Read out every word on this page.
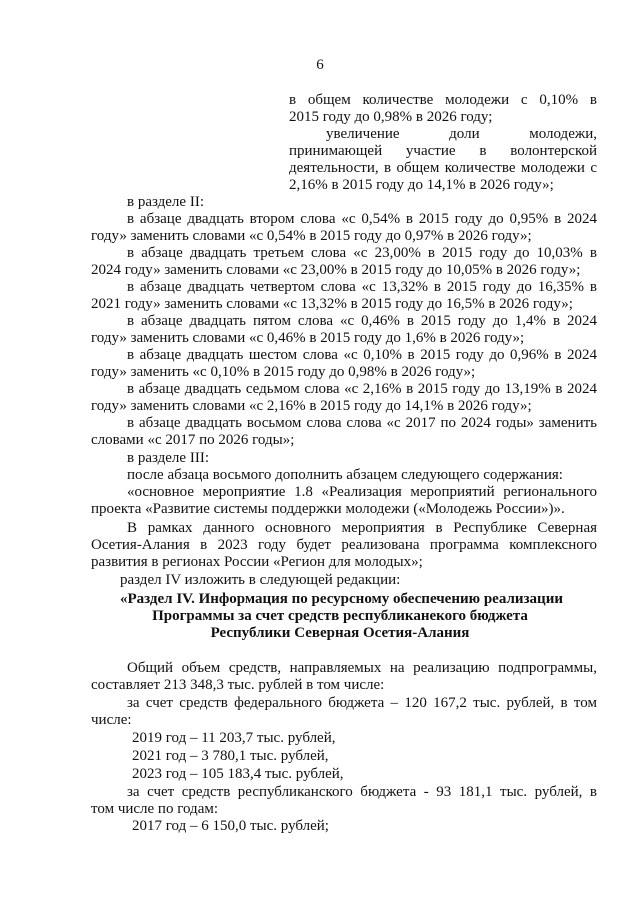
6

в общем количестве молодежи с 0,10% в

2015 году до 0,98% в 2026 году;

увеличение доли молодежи,

принимающей участие в волонтерской

деятельности, в общем количестве молодежи с

2,16% в 2015 году до 14,1% в 2026 году»;

в разделе II:

в абзаце двадцать втором слова «с 0,54% в 2015 году до 0,95% в 2024

году» заменить словами «с 0,54% в 2015 году до 0,97% в 2026 году»;

в абзаце двадцать третьем слова «с 23,00% в 2015 году до 10,03% в

2024 году» заменить словами «с 23,00% в 2015 году до 10,05% в 2026 году»;

в абзаце двадцать четвертом слова «с 13,32% в 2015 году до 16,35% в

2021 году» заменить словами «с 13,32% в 2015 году до 16,5% в 2026 году»;

в абзаце двадцать пятом слова «с 0,46% в 2015 году до 1,4% в 2024

году» заменить словами «с 0,46% в 2015 году до 1,6% в 2026 году»;

в абзаце двадцать шестом слова «с 0,10% в 2015 году до 0,96% в 2024

году» заменить «с 0,10% в 2015 году до 0,98% в 2026 году»;

в абзаце двадцать седьмом слова «с 2,16% в 2015 году до 13,19% в 2024

году» заменить словами «с 2,16% в 2015 году до 14,1% в 2026 году»;

в абзаце двадцать восьмом слова слова «с 2017 по 2024 годы» заменить

словами «с 2017 по 2026 годы»;

в разделе III:

после абзаца восьмого дополнить абзацем следующего содержания:

«основное мероприятие 1.8 «Реализация мероприятий регионального

проекта «Развитие системы поддержки молодежи («Молодежь России»)».

В рамках данного основного мероприятия в Республике Северная

Осетия-Алания в 2023 году будет реализована программа комплексного

развития в регионах России «Регион для молодых»;

раздел IV изложить в следующей редакции:

«Раздел IV. Информация по ресурсному обеспечению реализации

Программы за счет средств республиканекого бюджета

Республики Северная Осетия-Алания

Общий объем средств, направляемых на реализацию подпрограммы,

составляет 213 348,3 тыс. рублей в том числе:

за счет средств федерального бюджета – 120 167,2 тыс. рублей, в том

числе:

2019 год – 11 203,7 тыс. рублей,

2021 год – 3 780,1 тыс. рублей,

2023 год – 105 183,4 тыс. рублей,

за счет средств республиканского бюджета - 93 181,1 тыс. рублей, в

том числе по годам:

2017 год – 6 150,0 тыс. рублей;
